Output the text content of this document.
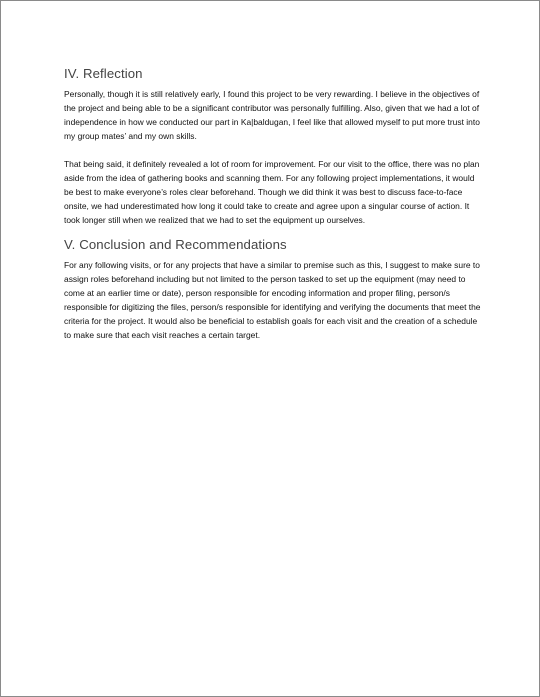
IV. Reflection

Personally, though it is still relatively early, I found this project to be very rewarding. I believe in the objectives of the project and being able to be a significant contributor was personally fulfilling. Also, given that we had a lot of independence in how we conducted our part in Ka|baldugan, I feel like that allowed myself to put more trust into my group mates’ and my own skills.

That being said, it definitely revealed a lot of room for improvement. For our visit to the office, there was no plan aside from the idea of gathering books and scanning them. For any following project implementations, it would be best to make everyone’s roles clear beforehand. Though we did think it was best to discuss face-to-face onsite, we had underestimated how long it could take to create and agree upon a singular course of action. It took longer still when we realized that we had to set the equipment up ourselves.

V. Conclusion and Recommendations

For any following visits, or for any projects that have a similar to premise such as this, I suggest to make sure to assign roles beforehand including but not limited to the person tasked to set up the equipment (may need to come at an earlier time or date), person responsible for encoding information and proper filing, person/s responsible for digitizing the files, person/s responsible for identifying and verifying the documents that meet the criteria for the project. It would also be beneficial to establish goals for each visit and the creation of a schedule to make sure that each visit reaches a certain target.
